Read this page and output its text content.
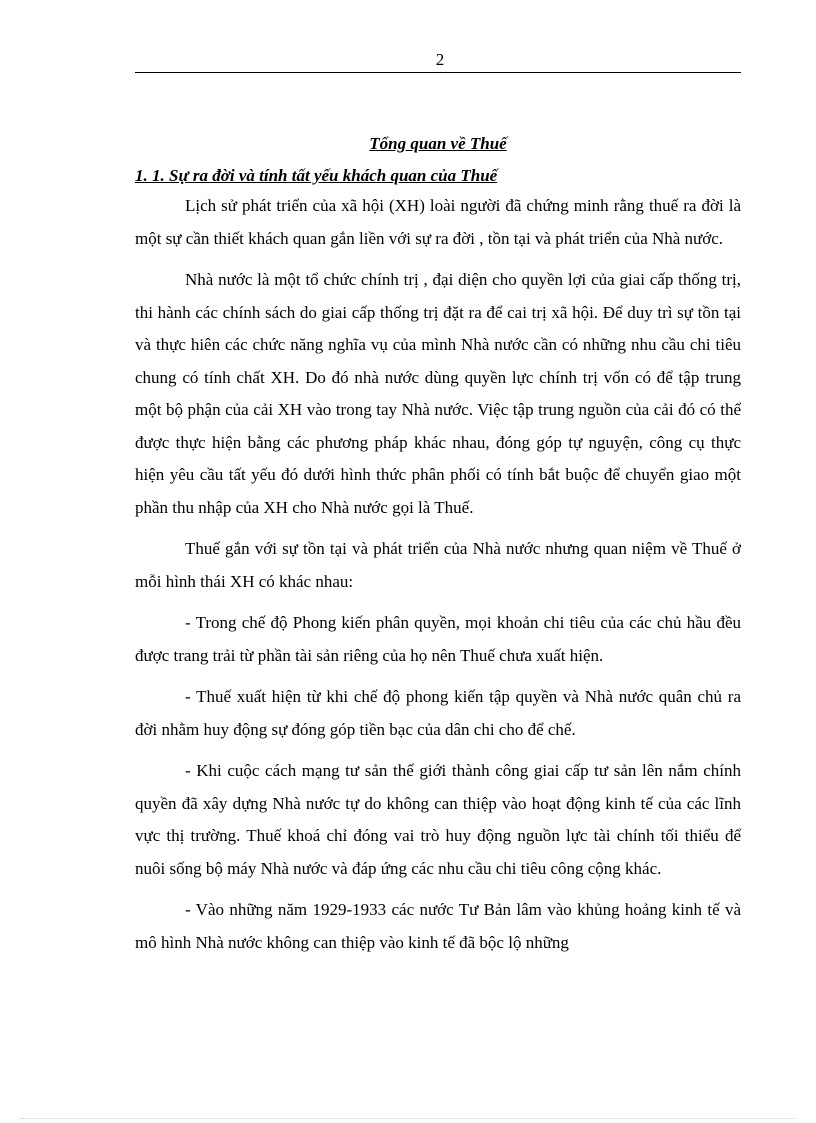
2
Tổng quan về Thuế
1. 1. Sự ra đời và tính tất yếu khách quan của Thuế

Lịch sử phát triển của xã hội (XH) loài người đã chứng minh rằng thuế ra đời là một sự cần thiết khách quan gắn liền với sự ra đời , tồn tại và phát triển của Nhà nước.

Nhà nước là một tổ chức chính trị , đại diện cho quyền lợi của giai cấp thống trị, thi hành các chính sách do giai cấp thống trị đặt ra để cai trị xã hội. Để duy trì sự tồn tại và thực hiên các chức năng nghĩa vụ của mình Nhà nước cần có những nhu cầu chi tiêu chung có tính chất XH. Do đó nhà nước dùng quyền lực chính trị vốn có để tập trung một bộ phận của cải XH vào trong tay Nhà nước. Việc tập trung nguồn của cải đó có thể được thực hiện bằng các phương pháp khác nhau, đóng góp tự nguyện, công cụ thực hiện yêu cầu tất yếu đó dưới hình thức phân phối có tính bắt buộc để chuyển giao một phần thu nhập của XH cho Nhà nước gọi là Thuế.

Thuế gắn với sự tồn tại và phát triển của Nhà nước nhưng quan niệm về Thuế ở mỗi hình thái XH có khác nhau:

- Trong chế độ Phong kiến phân quyền, mọi khoản chi tiêu của các chủ hầu đều được trang trải từ phần tài sản riêng của họ nên Thuế chưa xuất hiện.

- Thuế xuất hiện từ khi chế độ phong kiến tập quyền và Nhà nước quân chủ ra đời nhằm huy động sự đóng góp tiền bạc của dân chi cho để chế.

- Khi cuộc cách mạng tư sản thế giới thành công giai cấp tư sản lên nắm chính quyền đã xây dựng Nhà nước tự do không can thiệp vào hoạt động kinh tế của các lĩnh vực thị trường. Thuế khoá chỉ đóng vai trò huy động nguồn lực tài chính tối thiểu để nuôi sống bộ máy Nhà nước và đáp ứng các nhu cầu chi tiêu công cộng khác.

- Vào những năm 1929-1933 các nước Tư Bản lâm vào khủng hoảng kinh tế và mô hình Nhà nước không can thiệp vào kinh tế đã bộc lộ những
